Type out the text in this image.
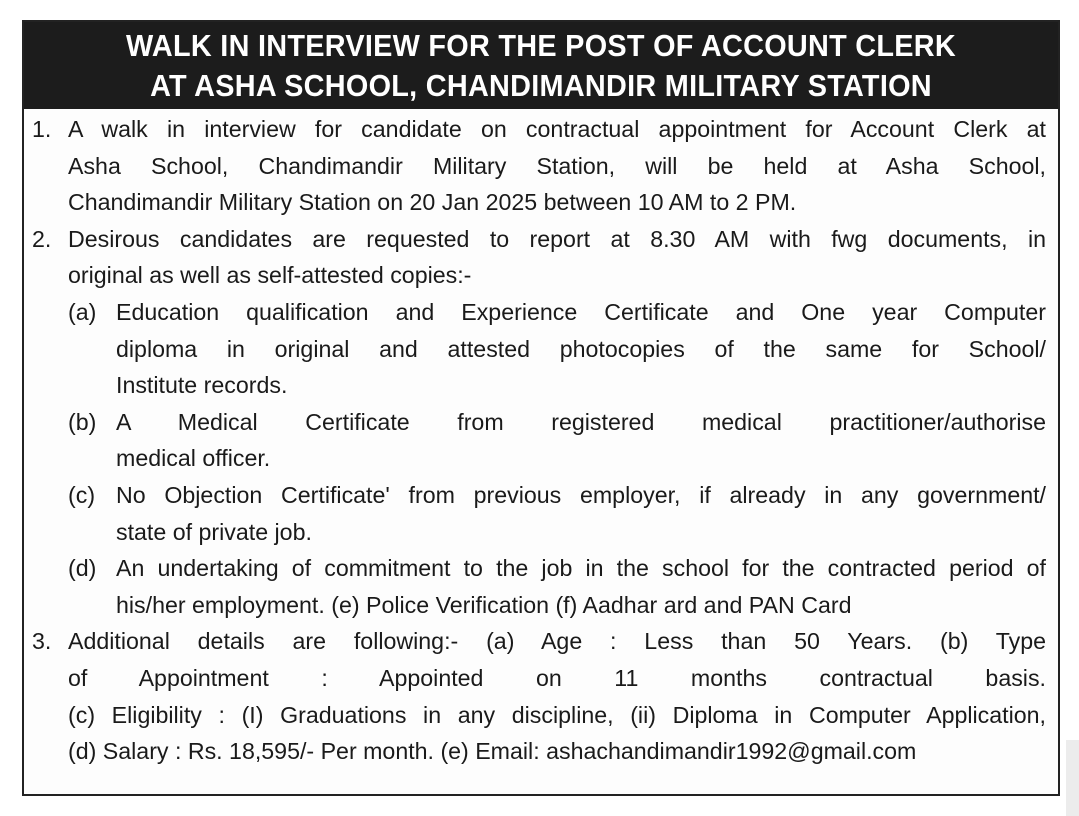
WALK IN INTERVIEW FOR THE POST OF ACCOUNT CLERK
AT ASHA SCHOOL, CHANDIMANDIR MILITARY STATION
1. A walk in interview for candidate on contractual appointment for Account Clerk at
Asha School, Chandimandir Military Station, will be held at Asha School,
Chandimandir Military Station on 20 Jan 2025 between 10 AM to 2 PM.
2. Desirous candidates are requested to report at 8.30 AM with fwg documents, in
original as well as self-attested copies:-
(a) Education qualification and Experience Certificate and One year Computer
diploma in original and attested photocopies of the same for School/
Institute records.
(b) A Medical Certificate from registered medical practitioner/authorise
medical officer.
(c) No Objection Certificate' from previous employer, if already in any government/
state of private job.
(d) An undertaking of commitment to the job in the school for the contracted period of
his/her employment. (e) Police Verification (f) Aadhar ard and PAN Card
3. Additional details are following:- (a) Age : Less than 50 Years. (b) Type
of Appointment : Appointed on 11 months contractual basis.
(c) Eligibility : (I) Graduations in any discipline, (ii) Diploma in Computer Application,
(d) Salary : Rs. 18,595/- Per month. (e) Email: ashachandimandir1992@gmail.com
